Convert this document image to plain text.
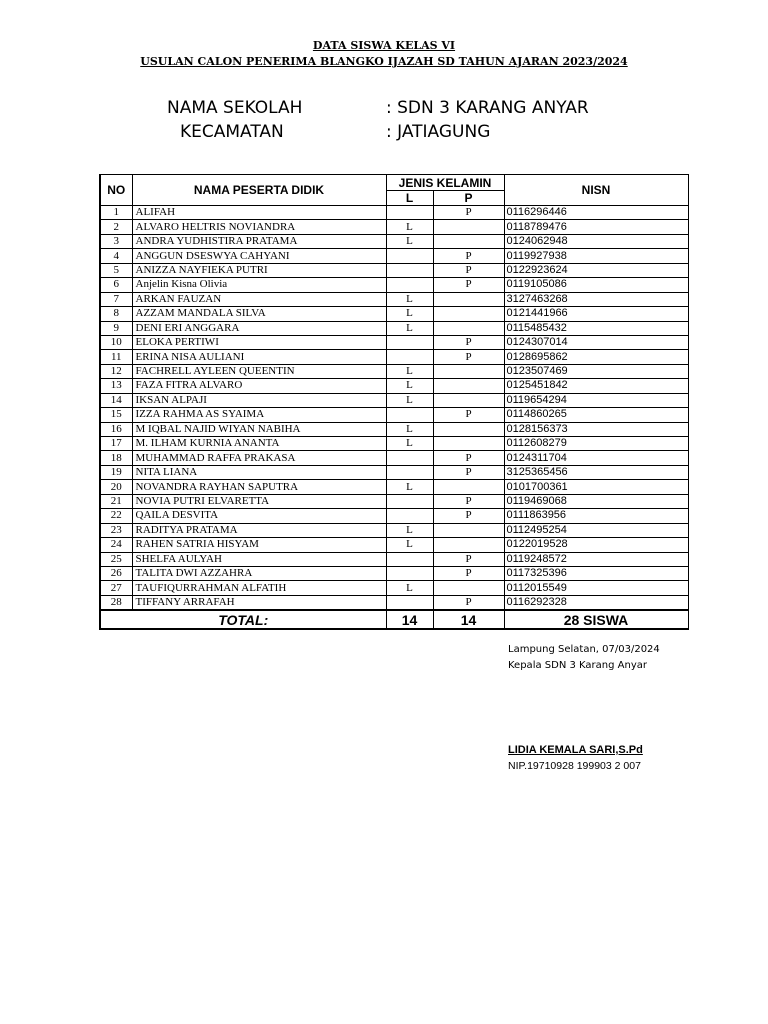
DATA SISWA KELAS VI
USULAN CALON PENERIMA BLANGKO IJAZAH SD TAHUN AJARAN 2023/2024
NAMA SEKOLAH	: SDN 3 KARANG ANYAR
KECAMATAN	: JATIAGUNG
NO	NAMA PESERTA DIDIK	JENIS KELAMIN		NISN
		L	P	
1	ALIFAH		P	0116296446
2	ALVARO HELTRIS NOVIANDRA	L		0118789476
3	ANDRA YUDHISTIRA PRATAMA	L		0124062948
4	ANGGUN DSESWYA CAHYANI		P	0119927938
5	ANIZZA NAYFIEKA PUTRI		P	0122923624
6	Anjelin Kisna Olivia		P	0119105086
7	ARKAN FAUZAN	L		3127463268
8	AZZAM MANDALA SILVA	L		0121441966
9	DENI ERI ANGGARA	L		0115485432
10	ELOKA PERTIWI		P	0124307014
11	ERINA NISA AULIANI		P	0128695862
12	FACHRELL AYLEEN QUEENTIN	L		0123507469
13	FAZA FITRA ALVARO	L		0125451842
14	IKSAN ALPAJI	L		0119654294
15	IZZA RAHMA AS SYAIMA		P	0114860265
16	M IQBAL NAJID WIYAN NABIHA	L		0128156373
17	M. ILHAM KURNIA ANANTA	L		0112608279
18	MUHAMMAD RAFFA PRAKASA		P	0124311704
19	NITA LIANA		P	3125365456
20	NOVANDRA RAYHAN SAPUTRA	L		0101700361
21	NOVIA PUTRI ELVARETTA		P	0119469068
22	QAILA DESVITA		P	0111863956
23	RADITYA PRATAMA	L		0112495254
24	RAHEN SATRIA HISYAM	L		0122019528
25	SHELFA AULYAH		P	0119248572
26	TALITA DWI AZZAHRA		P	0117325396
27	TAUFIQURRAHMAN ALFATIH	L		0112015549
28	TIFFANY ARRAFAH		P	0116292328
TOTAL:		14	14	28 SISWA
Lampung Selatan, 07/03/2024
Kepala SDN 3 Karang Anyar
LIDIA KEMALA SARI,S.Pd
NIP.19710928 199903 2 007
